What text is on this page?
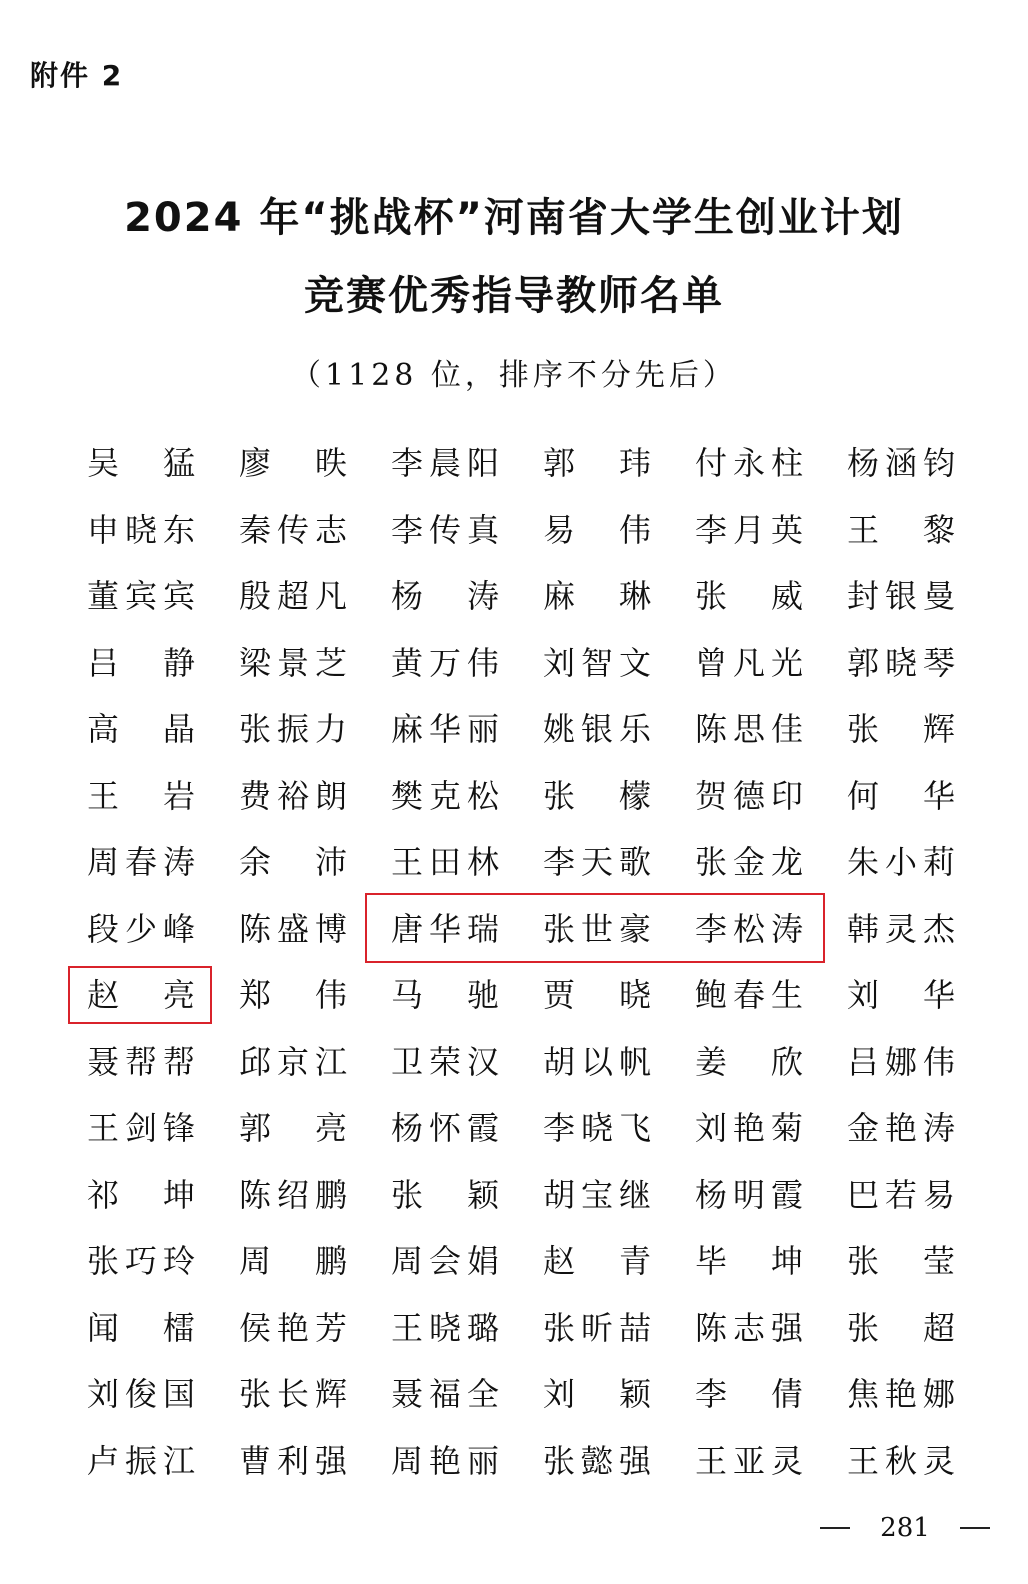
附件 2
2024 年“挑战杯”河南省大学生创业计划
竞赛优秀指导教师名单
（1128 位，排序不分先后）
吴 猛 廖 昳 李 晨 阳 郭 玮 付 永 柱 杨 涵 钧
申 晓 东 秦 传 志 李 传 真 易 伟 李 月 英 王 黎
董 宾 宾 殷 超 凡 杨 涛 麻 琳 张 威 封 银 曼
吕 静 梁 景 芝 黄 万 伟 刘 智 文 曾 凡 光 郭 晓 琴
高 晶 张 振 力 麻 华 丽 姚 银 乐 陈 思 佳 张 辉
王 岩 费 裕 朗 樊 克 松 张 檬 贺 德 印 何 华
周 春 涛 余 沛 王 田 林 李 天 歌 张 金 龙 朱 小 莉
段 少 峰 陈 盛 博 唐 华 瑞 张 世 豪 李 松 涛 韩 灵 杰
赵 亮 郑 伟 马 驰 贾 晓 鲍 春 生 刘 华
聂 帮 帮 邱 京 江 卫 荣 汉 胡 以 帆 姜 欣 吕 娜 伟
王 剑 锋 郭 亮 杨 怀 霞 李 晓 飞 刘 艳 菊 金 艳 涛
祁 坤 陈 绍 鹏 张 颖 胡 宝 继 杨 明 霞 巴 若 易
张 巧 玲 周 鹏 周 会 娟 赵 青 毕 坤 张 莹
闻 檑 侯 艳 芳 王 晓 璐 张 昕 喆 陈 志 强 张 超
刘 俊 国 张 长 辉 聂 福 全 刘 颖 李 倩 焦 艳 娜
卢 振 江 曹 利 强 周 艳 丽 张 懿 强 王 亚 灵 王 秋 灵
281
